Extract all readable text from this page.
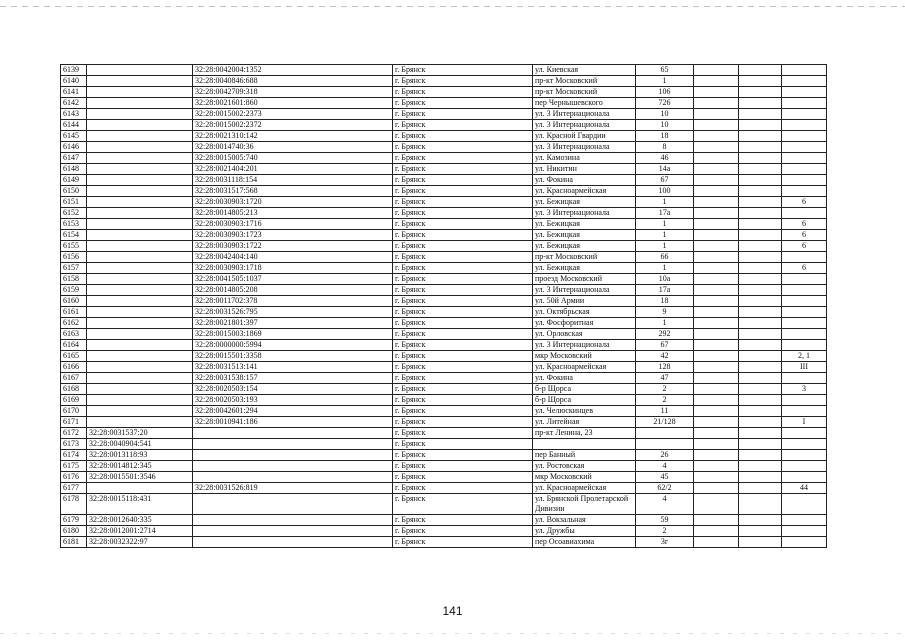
6139		32:28:0042004:1352	г. Брянск	ул. Киевская	65			
6140		32:28:0040846:688	г. Брянск	пр-кт Московский	1			
6141		32:28:0042709:318	г. Брянск	пр-кт Московский	106			
6142		32:28:0021601:860	г. Брянск	пер Чернышевского	726			
6143		32:28:0015002:2373	г. Брянск	ул. 3 Интернационала	10			
6144		32:28:0015002:2372	г. Брянск	ул. 3 Интернационала	10			
6145		32:28:0021310:142	г. Брянск	ул. Красной Гвардии	18			
6146		32:28:0014740:36	г. Брянск	ул. 3 Интернационала	8			
6147		32:28:0015005:740	г. Брянск	ул. Камозина	46			
6148		32:28:0021404:201	г. Брянск	ул. Никитин	14а			
6149		32:28:0031118:154	г. Брянск	ул. Фокина	67			
6150		32:28:0031517:568	г. Брянск	ул. Красноармейская	100			
6151		32:28:0030903:1720	г. Брянск	ул. Бежицкая	1			6
6152		32:28:0014805:213	г. Брянск	ул. 3 Интернационала	17а			
6153		32:28:0030903:1716	г. Брянск	ул. Бежицкая	1			6
6154		32:28:0030903:1723	г. Брянск	ул. Бежицкая	1			6
6155		32:28:0030903:1722	г. Брянск	ул. Бежицкая	1			6
6156		32:28:0042404:140	г. Брянск	пр-кт Московский	66			
6157		32:28:0030903:1718	г. Брянск	ул. Бежицкая	1			6
6158		32:28:0041505:1037	г. Брянск	проезд Московский	10а			
6159		32:28:0014805:208	г. Брянск	ул. 3 Интернационала	17а			
6160		32:28:0011702:378	г. Брянск	ул. 50й Армии	18			
6161		32:28:0031526:795	г. Брянск	ул. Октябрьская	9			
6162		32:28:0021801:397	г. Брянск	ул. Фосфоритная	1			
6163		32:28:0015003:1869	г. Брянск	ул. Орловская	292			
6164		32:28:0000000:5994	г. Брянск	ул. 3 Интернационала	67			
6165		32:28:0015501:3358	г. Брянск	мкр Московский	42			2, 1
6166		32:28:0031513:141	г. Брянск	ул. Красноармейская	128			III
6167		32:28:0031538:157	г. Брянск	ул. Фокина	47			
6168		32:28:0020503:154	г. Брянск	б-р Щорса	2			3
6169		32:28:0020503:193	г. Брянск	б-р Щорса	2			
6170		32:28:0042601:294	г. Брянск	ул. Челюскинцев	11			
6171		32:28:0010941:186	г. Брянск	ул. Литейная	21/128			I
6172	32:28:0031537:20		г. Брянск	пр-кт Ленина, 23				
6173	32:28:0040904:541		г. Брянск					
6174	32:28:0013118:93		г. Брянск	пер Банный	26			
6175	32:28:0014812:345		г. Брянск	ул. Ростовская	4			
6176	32:28:0015501:3546		г. Брянск	мкр Московский	45			
6177		32:28:0031526:819	г. Брянск	ул. Красноармейская	62/2			44
6178	32:28:0015118:431		г. Брянск	ул. Брянской Пролетарской Дивизии	4			
6179	32:28:0012640:335		г. Брянск	ул. Вокзальная	59			
6180	32:28:0012001:2714		г. Брянск	ул. Дружбы	2			
6181	32:28:0032322:97		г. Брянск	пер Осоавиахима	3г			
141
